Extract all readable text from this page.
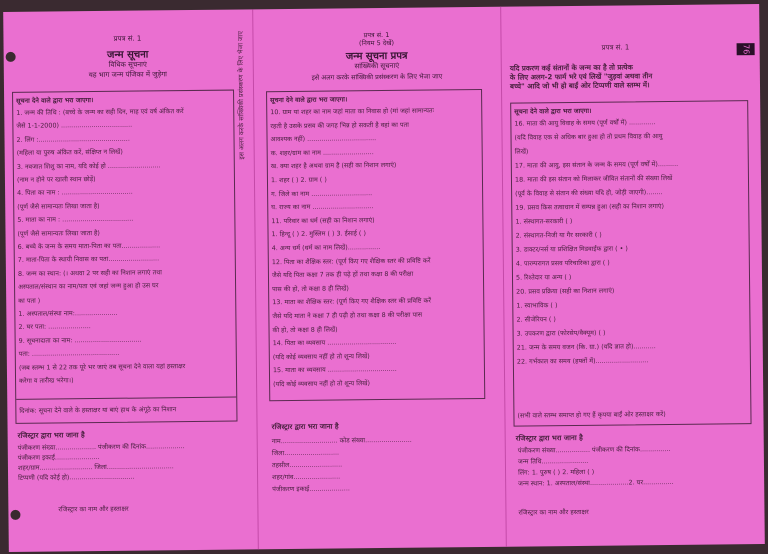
प्रपत्र सं. 1
जन्म सूचना
विधिक सूचनाएं
यह भाग जन्म पंजिका में जुड़ेगा
सूचना देने वाले द्वारा भरा जाएगा।
1. जन्म की तिथि : (बच्चे के जन्म का सही दिन, माह एवं वर्ष अंकित करें
जैसे 1-1-2000) ...................................
2. लिंग :.............................................
(महिला या पुरुष अंकित करें, संक्षिप्त न लिखें)
3. नवजात शिशु का नाम, यदि कोई हो ..........................
(नाम न होने पर खाली स्थान छोड़ें)
4. पिता का नाम : ...................................
(पूर्ण जैसे सामान्यतः लिखा जाता है)
5. माता का नाम : ...................................
(पूर्ण जैसे सामान्यतः लिखा जाता है)
6. बच्चे के जन्म के समय माता-पिता का पता...................
7. माता-पिता के स्थायी निवास का पता.........................
8. जन्म का स्थान: (। अथवा 2 पर सही का निशान लगाएं तथा
अस्पताल/संस्थान का नाम/पता एवं जहां जन्म हुआ हो उस घर
का पता )
1. अस्पताल/संस्था नाम:.....................
2. घर पता: .....................
9. सूचनादाता का नाम: .................................
पता: ...........................................
(जब स्तम्भ 1 से 22 तक पूरे भर जाएं तब सूचना देने वाला यहां हस्ताक्षर
करेगा व तारीख भरेगा।)
दिनांक: सूचना देने वाले के हस्ताक्षर या बाएं हाथ के अंगूठे का निशान
रजिस्ट्रार द्वारा भरा जाना है
पंजीकरण संख्या.................... पंजीकरण की दिनांक...................
पंजीकरण इकाई......................
शहर/ग्राम.......................... जिला.................................
टिप्पणी (यदि कोई हो)................................
रजिस्ट्रार का नाम और हस्ताक्षर
इस अलग करके सांख्यिकी प्रसंस्करण के लिए भेजा जाए	प्रपत्र सं. 1
(नियम 5 देखें)
जन्म सूचना प्रपत्र
सांख्यिकी सूचनाएं
इसे अलग करके सांख्यिकी प्रसंस्करण के लिए भेजा जाए
सूचना देने वाले द्वारा भरा जाएगा।
10. ग्राम या शहर का नाम जहां माता का निवास हो (मां जहां सामान्यतः
रहती है उसके प्रसव की जगह भिन्न हो सकती है वहां का पता
आवश्यक नहीं) ..................................
क. शहर/ग्राम का नाम .........................
ख. क्या शहर है अथवा ग्राम है (सही का निशान लगाएं)
1. शहर ( ) 2. ग्राम ( )
ग. जिले का नाम ..............................
घ. राज्य का नाम ..............................
11. परिवार का धर्म (सही का निशान लगाएं)
1. हिन्दू ( ) 2. मुस्लिम ( ) 3. ईसाई ( )
4. अन्य धर्म (धर्म का नाम लिखें)................
12. पिता का शैक्षिक स्तर: (पूर्ण किए गए शैक्षिक स्तर की प्रविष्टि करें
जैसे यदि पिता कक्षा 7 तक ही पढ़े हों तथा कक्षा 8 की परीक्षा
पास की हो, तो कक्षा 8 ही लिखें)
13. माता का शैक्षिक स्तर: (पूर्ण किए गए शैक्षिक स्तर की प्रविष्टि करें
जैसे यदि माता ने कक्षा 7 ही पढ़ी हो तथा कक्षा 8 की परीक्षा पास
की हो, तो कक्षा 8 ही लिखें)
14. पिता का व्यवसाय ..................................
(यदि कोई व्यवसाय नहीं हो तो शून्य लिखें)
15. माता का व्यवसाय ..................................
(यदि कोई व्यवसाय नहीं हो तो शून्य लिखें)
रजिस्ट्रार द्वारा भरा जाना है
नाम............................ कोड संख्या.......................
जिला...........................
तहसील..........................
शहर/गांव.......................
पंजीकरण इकाई....................
प्रपत्र सं. 1	76
यदि प्रकरण कई संतानों के जन्म का है तो प्रत्येक
के लिए अलग-2 फार्म भरे एवं लिखें "जुड़वां अथवा तीन
बच्चे" आदि जो भी हो बाईं ओर टिप्पणी वाले स्तम्भ में।
सूचना देने वाले द्वारा भरा जाएगा।
16. माता की आयु विवाह के समय (पूर्ण वर्षों में) .............
(यदि विवाह एक से अधिक बार हुआ हो तो प्रथम विवाह की आयु
लिखें)
17. माता की आयु, इस संतान के जन्म के समय (पूर्ण वर्षों में)..........
18. माता की इस संतान को मिलाकर जीवित संतानों की संख्या लिखें
(पूर्व के विवाह से संतान की संख्या यदि हो, जोड़ी जाएगी)........
19. प्रसव किस तत्वाधान में सम्पन्न हुआ (सही का निशान लगाएं)
1. संस्थागत-सरकारी ( )
2. संस्थागत-निजी या गैर सरकारी ( )
3. डाक्टर/नर्स या प्रशिक्षित मिडवाईफ द्वारा ( • )
4. पारम्परागत प्रसव परिचारिका द्वारा ( )
5. रिश्तेदार या अन्य ( )
20. प्रसव प्रक्रिया (सही का निशान लगाएं)
1. स्वाभाविक ( )
2. सीजेरियन ( )
3. उपकरण द्वारा (फोरसेप/वैक्यूम) ( )
21. जन्म के समय वजन (कि. ग्रा.) (यदि ज्ञात हो)...........
22. गर्भकाल का समय (हफ्तों में)..........................
(सभी वाले स्तम्भ समाप्त हो गए हैं कृपया बाईं ओर हस्ताक्षर करें)
रजिस्ट्रार द्वारा भरा जाना है
पंजीकरण संख्या................. पंजीकरण की दिनांक...............
जन्म तिथि.......................
लिंग: 1. पुरुष ( ) 2. महिला ( )
जन्म स्थान: 1. अस्पताल/संस्था...................2. घर...............
रजिस्ट्रार का नाम और हस्ताक्षर
